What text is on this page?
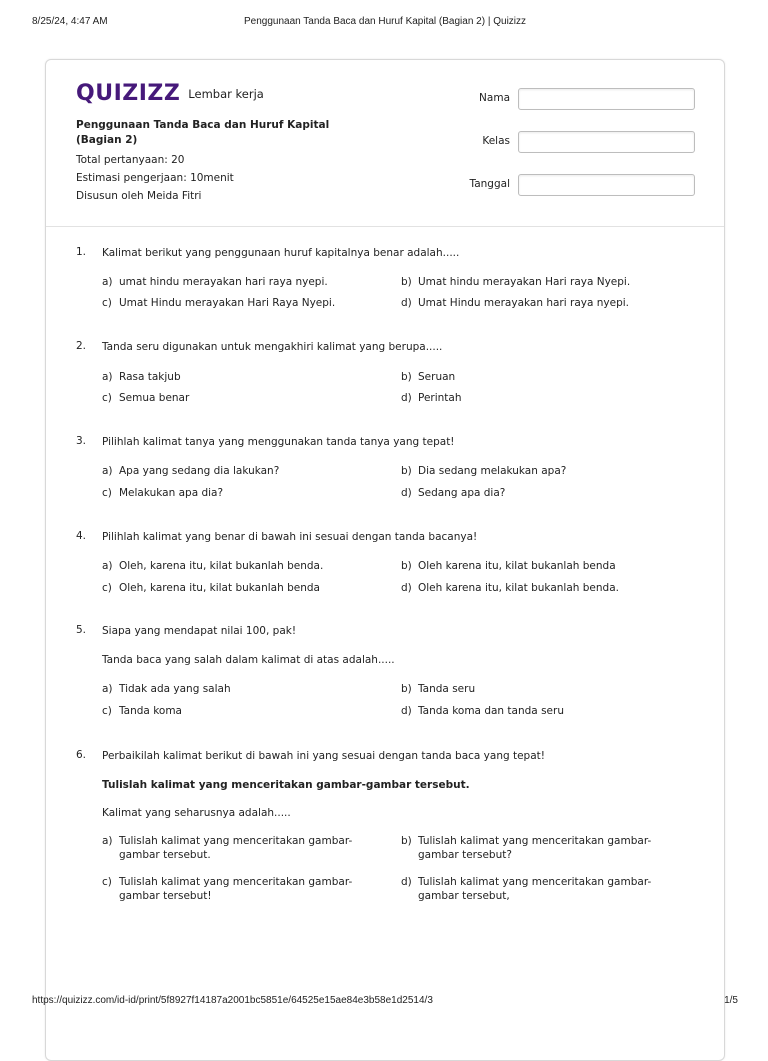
8/25/24, 4:47 AM	Penggunaan Tanda Baca dan Huruf Kapital (Bagian 2) | Quizizz
QUIZIZZ Lembar kerja
Penggunaan Tanda Baca dan Huruf Kapital (Bagian 2)
Total pertanyaan: 20
Estimasi pengerjaan: 10menit
Disusun oleh Meida Fitri
Nama
Kelas
Tanggal
1. Kalimat berikut yang penggunaan huruf kapitalnya benar adalah.....
a) umat hindu merayakan hari raya nyepi.	b) Umat hindu merayakan Hari raya Nyepi.
c) Umat Hindu merayakan Hari Raya Nyepi.	d) Umat Hindu merayakan hari raya nyepi.
2. Tanda seru digunakan untuk mengakhiri kalimat yang berupa.....
a) Rasa takjub	b) Seruan
c) Semua benar	d) Perintah
3. Pilihlah kalimat tanya yang menggunakan tanda tanya yang tepat!
a) Apa yang sedang dia lakukan?	b) Dia sedang melakukan apa?
c) Melakukan apa dia?	d) Sedang apa dia?
4. Pilihlah kalimat yang benar di bawah ini sesuai dengan tanda bacanya!
a) Oleh, karena itu, kilat bukanlah benda.	b) Oleh karena itu, kilat bukanlah benda
c) Oleh, karena itu, kilat bukanlah benda	d) Oleh karena itu, kilat bukanlah benda.
5. Siapa yang mendapat nilai 100, pak!
Tanda baca yang salah dalam kalimat di atas adalah.....
a) Tidak ada yang salah	b) Tanda seru
c) Tanda koma	d) Tanda koma dan tanda seru
6. Perbaikilah kalimat berikut di bawah ini yang sesuai dengan tanda baca yang tepat!
Tulislah kalimat yang menceritakan gambar-gambar tersebut.
Kalimat yang seharusnya adalah.....
a) Tulislah kalimat yang menceritakan gambar-gambar tersebut.
b) Tulislah kalimat yang menceritakan gambar-gambar tersebut?
c) Tulislah kalimat yang menceritakan gambar-gambar tersebut!
d) Tulislah kalimat yang menceritakan gambar-gambar tersebut,
https://quizizz.com/id-id/print/5f8927f14187a2001bc5851e/64525e15ae84e3b58e1d2514/3	1/5
